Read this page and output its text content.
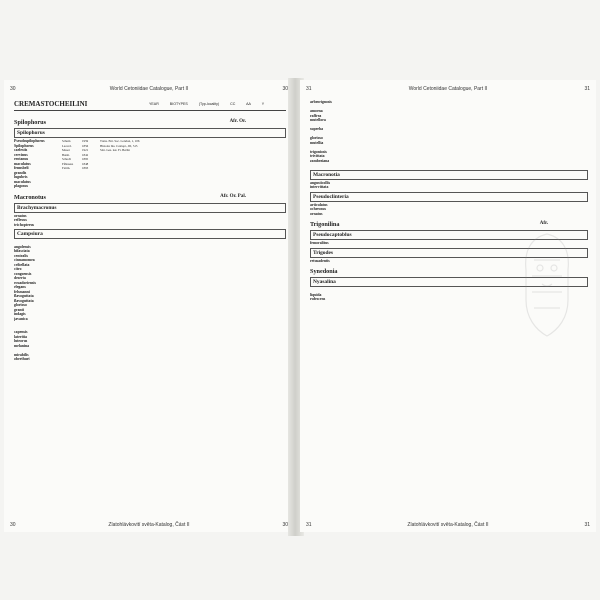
30	World Cetoniidae Catalogue, Part II	30
CREMASTOCHEILINI	YEAR	BIOTYPES (Typ-locality)	CC	AA	Y
Spilophorus	Afr. Or.
Spilophorus
Pseudospilophorus	Schein	1959	Trans. Ent. Soc. London, 1, 106
Spilophorus	Lacord.	1856	Histoire Ins. Coléopt., III, 515
caelestis	Moser	1921	Sitz. Ges. nat. Fr. Berlin
cervinus	Burm.	1842
erotanus	Schoch	1895
maculatus	Fåhraeus	1848
fennsbeli	Fairm.	1893
grandis
lugubris
maculatus
plagosus
Macronotus	Afr. Or. Pal.
Brachymacronus
ornatus
reflexus
trichopterus
Campsiura
angolensis
bifasciata
centralis
cinnamomea
cribellata
citro
congoensis
deserta
ecuadoriensis
elegans
felsmanni
flavoguttata
flavoguttata
glorioso
granti
indagis
javanica
capensis
lateritia
luteorus
melanina
mirabilis
oberthuri
30	Zlatohlávkovití světa-Katalog, Část II	30
31	World Cetoniidae Catalogue, Part II	31
arbrorignosis
amoena
raffrea
mutellora
superba
glorioso
mutellia
trigoniosis
trivittata
zambeziana
Macronotia
angusticollis
intervittata
Pseudoclinteria
articulatus
ochreosus
ornatus
Trigonilina	Afr.
Pseudocaptoblus
femoralitus
Trigodes
retusadentis
Synedonia
Nyasalina
liquida
rufescens
31	Zlatohlávkovití světa-Katalog, Část II	31
